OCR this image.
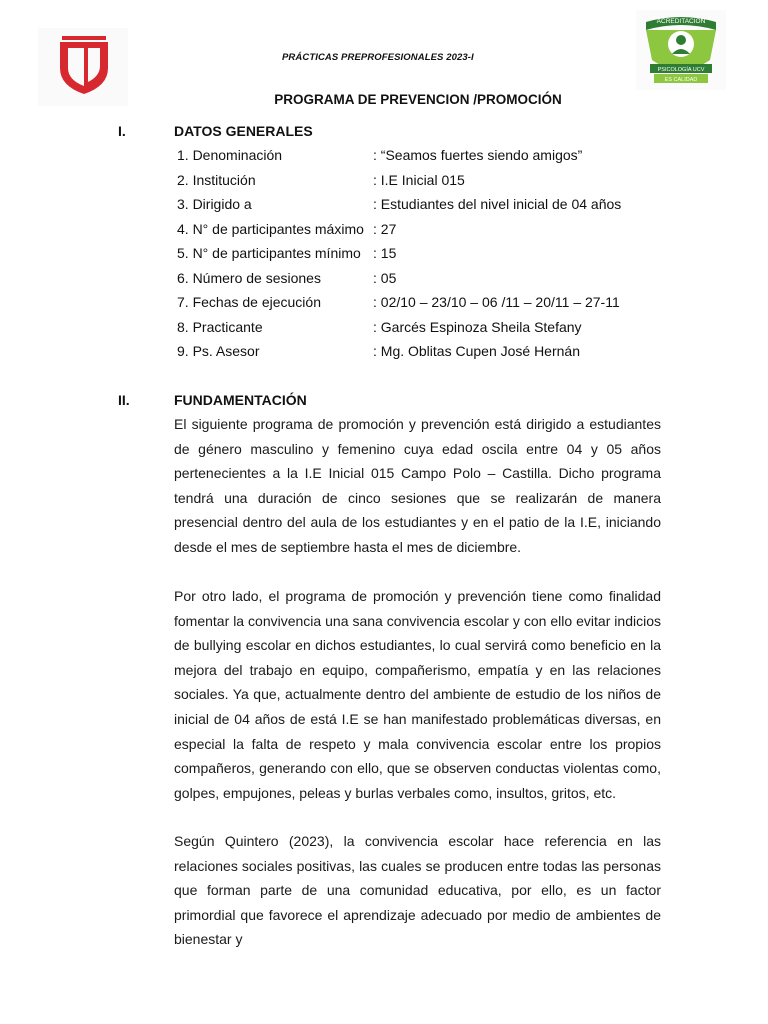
PRÁCTICAS PREPROFESIONALES 2023-I
ACREDITACIÓN
PSICOLOGÍA UCV
ES CALIDAD
PROGRAMA DE PREVENCION /PROMOCIÓN
I.	DATOS GENERALES
1. Denominación	: “Seamos fuertes siendo amigos”
2. Institución	: I.E Inicial 015
3. Dirigido a	: Estudiantes del nivel inicial de 04 años
4. N° de participantes máximo : 27
5. N° de participantes mínimo : 15
6. Número de sesiones	: 05
7. Fechas de ejecución	: 02/10 – 23/10 – 06 /11 – 20/11 – 27-11
8. Practicante	: Garcés Espinoza Sheila Stefany
9. Ps. Asesor	: Mg. Oblitas Cupen José Hernán
II.	FUNDAMENTACIÓN

El siguiente programa de promoción y prevención está dirigido a estudiantes de género masculino y femenino cuya edad oscila entre 04 y 05 años pertenecientes a la I.E Inicial 015 Campo Polo – Castilla. Dicho programa tendrá una duración de cinco sesiones que se realizarán de manera presencial dentro del aula de los estudiantes y en el patio de la I.E, iniciando desde el mes de septiembre hasta el mes de diciembre.

Por otro lado, el programa de promoción y prevención tiene como finalidad fomentar la convivencia una sana convivencia escolar y con ello evitar indicios de bullying escolar en dichos estudiantes, lo cual servirá como beneficio en la mejora del trabajo en equipo, compañerismo, empatía y en las relaciones sociales. Ya que, actualmente dentro del ambiente de estudio de los niños de inicial de 04 años de está I.E se han manifestado problemáticas diversas, en especial la falta de respeto y mala convivencia escolar entre los propios compañeros, generando con ello, que se observen conductas violentas como, golpes, empujones, peleas y burlas verbales como, insultos, gritos, etc.

Según Quintero (2023), la convivencia escolar hace referencia en las relaciones sociales positivas, las cuales se producen entre todas las personas que forman parte de una comunidad educativa, por ello, es un factor primordial que favorece el aprendizaje adecuado por medio de ambientes de bienestar y
